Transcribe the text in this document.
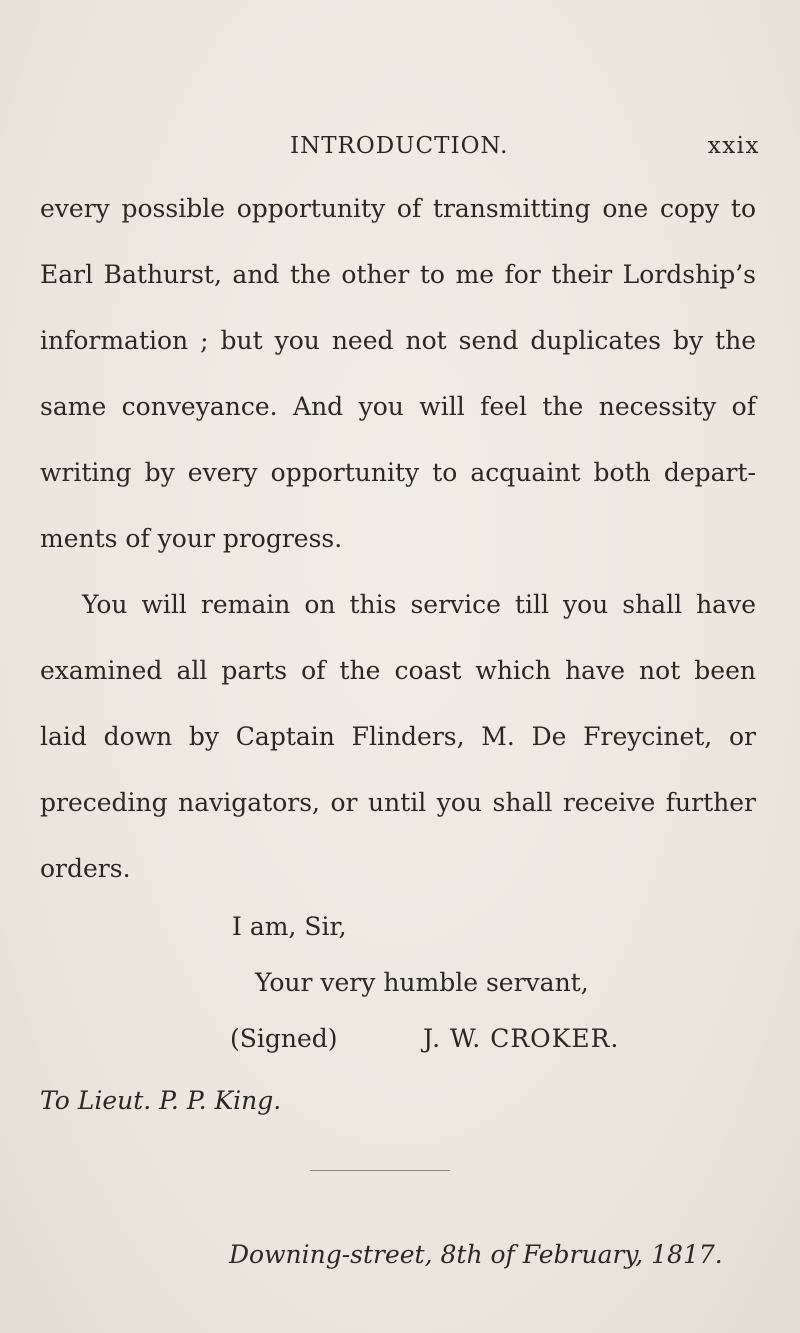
INTRODUCTION.	xxix
every possible opportunity of transmitting one copy to
Earl Bathurst, and the other to me for their Lordship’s
information ; but you need not send duplicates by the
same conveyance. And you will feel the necessity of
writing by every opportunity to acquaint both depart-
ments of your progress.
You will remain on this service till you shall have
examined all parts of the coast which have not been
laid down by Captain Flinders, M. De Freycinet, or
preceding navigators, or until you shall receive further
orders.
I am, Sir,
Your very humble servant,
(Signed)	J. W. CROKER.
To Lieut. P. P. King.
Downing-street, 8th of February, 1817.
